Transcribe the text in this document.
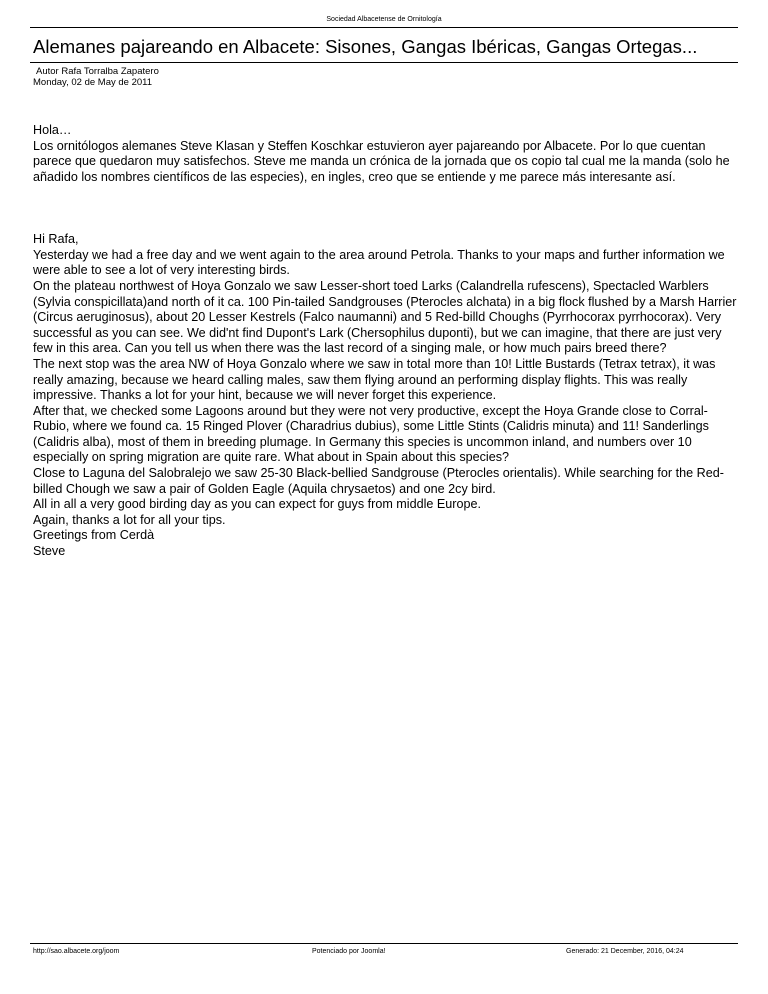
Sociedad Albacetense de Ornitología
Alemanes pajareando en Albacete: Sisones, Gangas Ibéricas, Gangas Ortegas...
Autor Rafa Torralba Zapatero
Monday, 02 de May de 2011

Hola…

Los ornitólogos alemanes Steve Klasan y Steffen Koschkar estuvieron ayer pajareando por Albacete. Por lo que cuentan parece que quedaron muy satisfechos. Steve me manda un crónica de la jornada que os copio tal cual me la manda (solo he añadido los nombres científicos de las especies), en ingles, creo que se entiende y me parece más interesante así.

Hi Rafa,

Yesterday we had a free day and we went again to the area around Petrola. Thanks to your maps and further information we were able to see a lot of very interesting birds.

On the plateau northwest of Hoya Gonzalo we saw Lesser-short toed Larks (Calandrella rufescens), Spectacled Warblers (Sylvia conspicillata)and north of it ca. 100 Pin-tailed Sandgrouses (Pterocles alchata) in a big flock flushed by a Marsh Harrier (Circus aeruginosus), about 20 Lesser Kestrels (Falco naumanni) and 5 Red-billd Choughs (Pyrrhocorax pyrrhocorax). Very successful as you can see. We did'nt find Dupont's Lark (Chersophilus duponti), but we can imagine, that there are just very few in this area. Can you tell us when there was the last record of a singing male, or how much pairs breed there?

The next stop was the area NW of Hoya Gonzalo where we saw in total more than 10! Little Bustards (Tetrax tetrax), it was really amazing, because we heard calling males, saw them flying around an performing display flights. This was really impressive. Thanks a lot for your hint, because we will never forget this experience.

After that, we checked some Lagoons around but they were not very productive, except the Hoya Grande close to Corral-Rubio, where we found ca. 15 Ringed Plover (Charadrius dubius), some Little Stints (Calidris minuta) and 11! Sanderlings (Calidris alba), most of them in breeding plumage. In Germany this species is uncommon inland, and numbers over 10 especially on spring migration are quite rare. What about in Spain about this species?

Close to Laguna del Salobralejo we saw 25-30 Black-bellied Sandgrouse (Pterocles orientalis). While searching for the Red-billed Chough we saw a pair of Golden Eagle (Aquila chrysaetos) and one 2cy bird.

All in all a very good birding day as you can expect for guys from middle Europe.

Again, thanks a lot for all your tips.

Greetings from Cerdà

Steve

http://sao.albacete.org/joom	Potenciado por Joomla!	Generado: 21 December, 2016, 04:24
